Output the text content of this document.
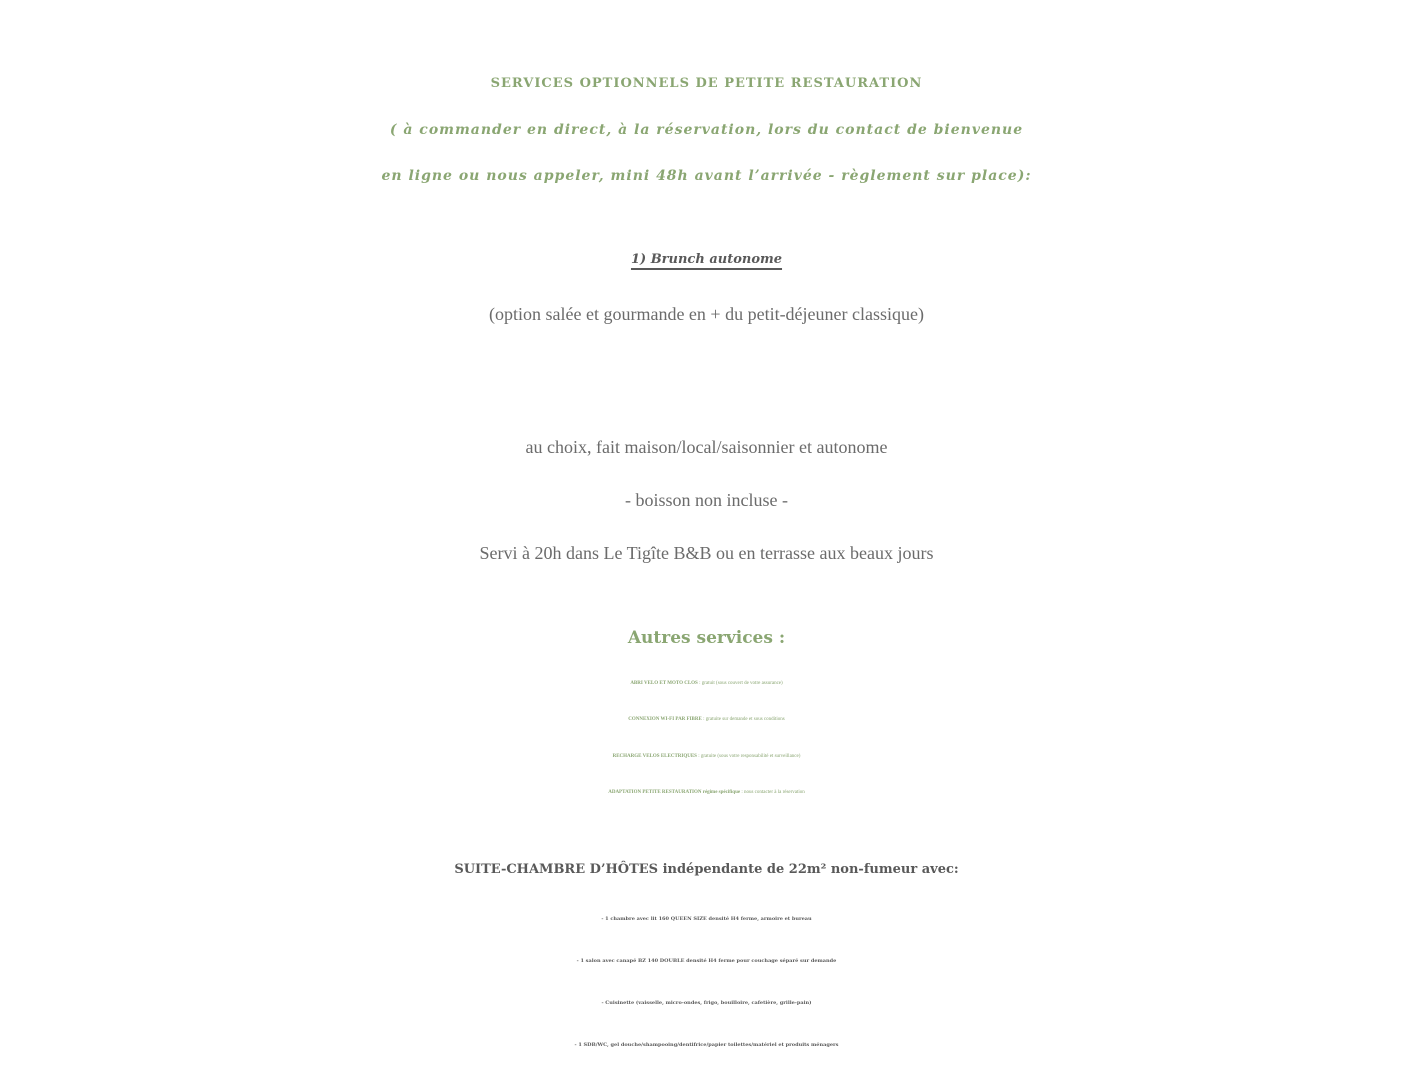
SERVICES OPTIONNELS DE PETITE RESTAURATION
( à commander en direct, à la réservation, lors du contact de bienvenue
en ligne ou nous appeler, mini 48h avant l’arrivée - règlement sur place):
1) Brunch autonome
(option salée et gourmande en + du petit-déjeuner classique)
au choix, fait maison/local/saisonnier et autonome
- boisson non incluse -
Servi à 20h dans Le Tigîte B&B ou en terrasse aux beaux jours
Autres services :
ABRI VELO ET MOTO CLOS : gratuit (sous couvert de votre assurance)
CONNEXION WI-FI PAR FIBRE : gratuite sur demande et sous conditions
RECHARGE VELOS ELECTRIQUES : gratuite (sous votre responsabilité et surveillance)
ADAPTATION PETITE RESTAURATION régime spécifique : nous contacter à la réservation
SUITE-CHAMBRE D’HÔTES indépendante de 22m² non-fumeur avec:
- 1 chambre avec lit 160 QUEEN SIZE densité H4 ferme, armoire et bureau
- 1 salon avec canapé BZ 140 DOUBLE densité H4 ferme pour couchage séparé sur demande
- Cuisinette (vaisselle, micro-ondes, frigo, bouilloire, cafetière, grille-pain)
- 1 SDB/WC, gel douche/shampooing/dentifrice/papier toilettes/matériel et produits ménagers
